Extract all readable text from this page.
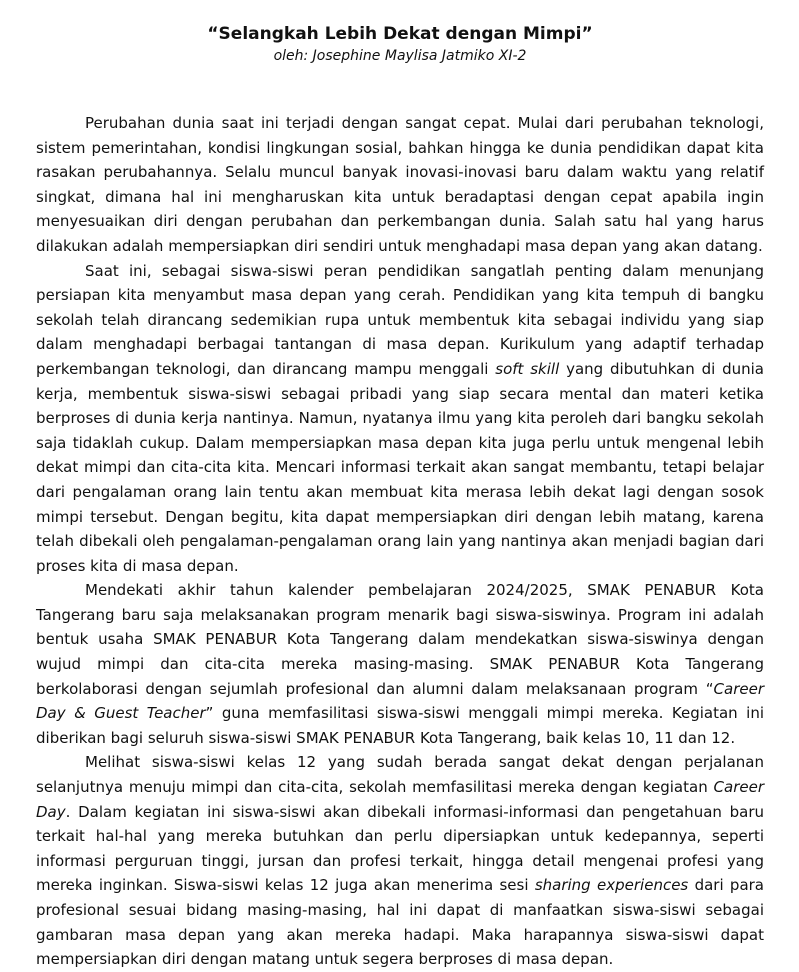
“Selangkah Lebih Dekat dengan Mimpi”

oleh: Josephine Maylisa Jatmiko XI-2

Perubahan dunia saat ini terjadi dengan sangat cepat. Mulai dari perubahan teknologi, sistem pemerintahan, kondisi lingkungan sosial, bahkan hingga ke dunia pendidikan dapat kita rasakan perubahannya. Selalu muncul banyak inovasi-inovasi baru dalam waktu yang relatif singkat, dimana hal ini mengharuskan kita untuk beradaptasi dengan cepat apabila ingin menyesuaikan diri dengan perubahan dan perkembangan dunia. Salah satu hal yang harus dilakukan adalah mempersiapkan diri sendiri untuk menghadapi masa depan yang akan datang.

Saat ini, sebagai siswa-siswi peran pendidikan sangatlah penting dalam menunjang persiapan kita menyambut masa depan yang cerah. Pendidikan yang kita tempuh di bangku sekolah telah dirancang sedemikian rupa untuk membentuk kita sebagai individu yang siap dalam menghadapi berbagai tantangan di masa depan. Kurikulum yang adaptif terhadap perkembangan teknologi, dan dirancang mampu menggali soft skill yang dibutuhkan di dunia kerja, membentuk siswa-siswi sebagai pribadi yang siap secara mental dan materi ketika berproses di dunia kerja nantinya. Namun, nyatanya ilmu yang kita peroleh dari bangku sekolah saja tidaklah cukup. Dalam mempersiapkan masa depan kita juga perlu untuk mengenal lebih dekat mimpi dan cita-cita kita. Mencari informasi terkait akan sangat membantu, tetapi belajar dari pengalaman orang lain tentu akan membuat kita merasa lebih dekat lagi dengan sosok mimpi tersebut. Dengan begitu, kita dapat mempersiapkan diri dengan lebih matang, karena telah dibekali oleh pengalaman-pengalaman orang lain yang nantinya akan menjadi bagian dari proses kita di masa depan.

Mendekati akhir tahun kalender pembelajaran 2024/2025, SMAK PENABUR Kota Tangerang baru saja melaksanakan program menarik bagi siswa-siswinya. Program ini adalah bentuk usaha SMAK PENABUR Kota Tangerang dalam mendekatkan siswa-siswinya dengan wujud mimpi dan cita-cita mereka masing-masing. SMAK PENABUR Kota Tangerang berkolaborasi dengan sejumlah profesional dan alumni dalam melaksanaan program “Career Day & Guest Teacher” guna memfasilitasi siswa-siswi menggali mimpi mereka. Kegiatan ini diberikan bagi seluruh siswa-siswi SMAK PENABUR Kota Tangerang, baik kelas 10, 11 dan 12.

Melihat siswa-siswi kelas 12 yang sudah berada sangat dekat dengan perjalanan selanjutnya menuju mimpi dan cita-cita, sekolah memfasilitasi mereka dengan kegiatan Career Day. Dalam kegiatan ini siswa-siswi akan dibekali informasi-informasi dan pengetahuan baru terkait hal-hal yang mereka butuhkan dan perlu dipersiapkan untuk kedepannya, seperti informasi perguruan tinggi, jursan dan profesi terkait, hingga detail mengenai profesi yang mereka inginkan. Siswa-siswi kelas 12 juga akan menerima sesi sharing experiences dari para profesional sesuai bidang masing-masing, hal ini dapat di manfaatkan siswa-siswi sebagai gambaran masa depan yang akan mereka hadapi. Maka harapannya siswa-siswi dapat mempersiapkan diri dengan matang untuk segera berproses di masa depan.
